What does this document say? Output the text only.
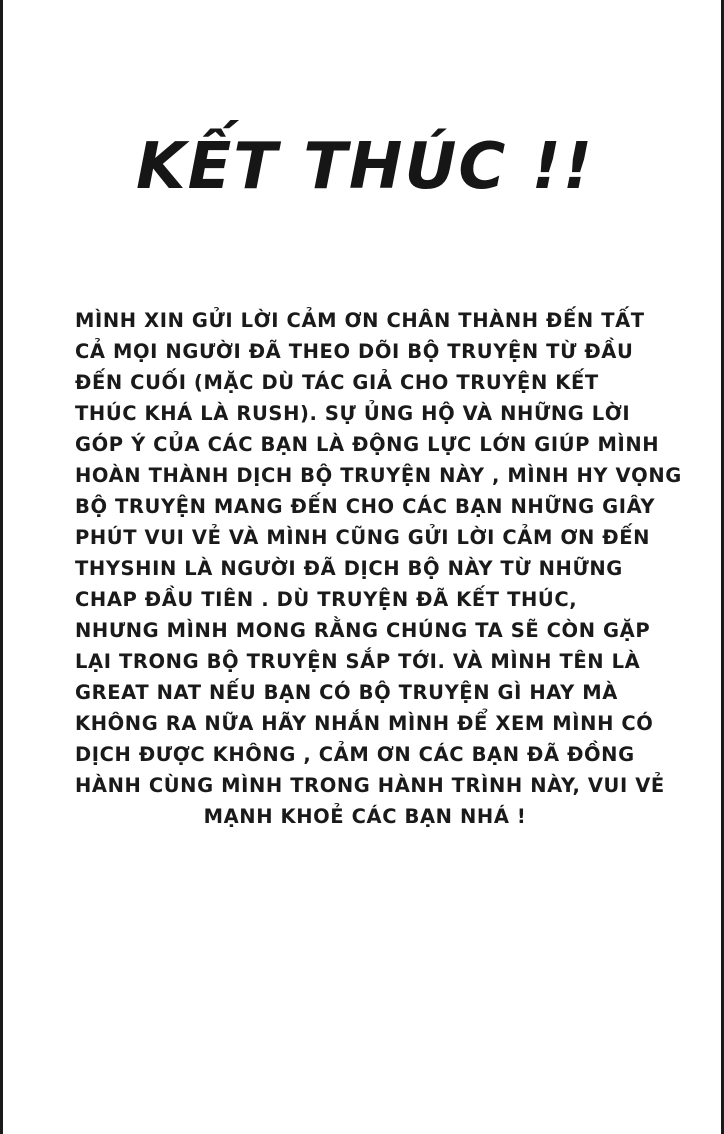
KẾT THÚC !!
MÌNH XIN GỬI LỜI CẢM ƠN CHÂN THÀNH ĐẾN TẤT
CẢ MỌI NGƯỜI ĐÃ THEO DÕI BỘ TRUYỆN TỪ ĐẦU
ĐẾN CUỐI (MẶC DÙ TÁC GIẢ CHO TRUYỆN KẾT
THÚC KHÁ LÀ RUSH). SỰ ỦNG HỘ VÀ NHỮNG LỜI
GÓP Ý CỦA CÁC BẠN LÀ ĐỘNG LỰC LỚN GIÚP MÌNH
HOÀN THÀNH DỊCH BỘ TRUYỆN NÀY , MÌNH HY VỌNG
BỘ TRUYỆN MANG ĐẾN CHO CÁC BẠN NHỮNG GIÂY
PHÚT VUI VẺ VÀ MÌNH CŨNG GỬI LỜI CẢM ƠN ĐẾN
THYSHIN LÀ NGƯỜI ĐÃ DỊCH BỘ NÀY TỪ NHỮNG
CHAP ĐẦU TIÊN . DÙ TRUYỆN ĐÃ KẾT THÚC,
NHƯNG MÌNH MONG RẰNG CHÚNG TA SẼ CÒN GẶP
LẠI TRONG BỘ TRUYỆN SẮP TỚI. VÀ MÌNH TÊN LÀ
GREAT NAT NẾU BẠN CÓ BỘ TRUYỆN GÌ HAY MÀ
KHÔNG RA NỮA HÃY NHẮN MÌNH ĐỂ XEM MÌNH CÓ
DỊCH ĐƯỢC KHÔNG , CẢM ƠN CÁC BẠN ĐÃ ĐỒNG
HÀNH CÙNG MÌNH TRONG HÀNH TRÌNH NÀY, VUI VẺ
MẠNH KHOẺ CÁC BẠN NHÁ !
